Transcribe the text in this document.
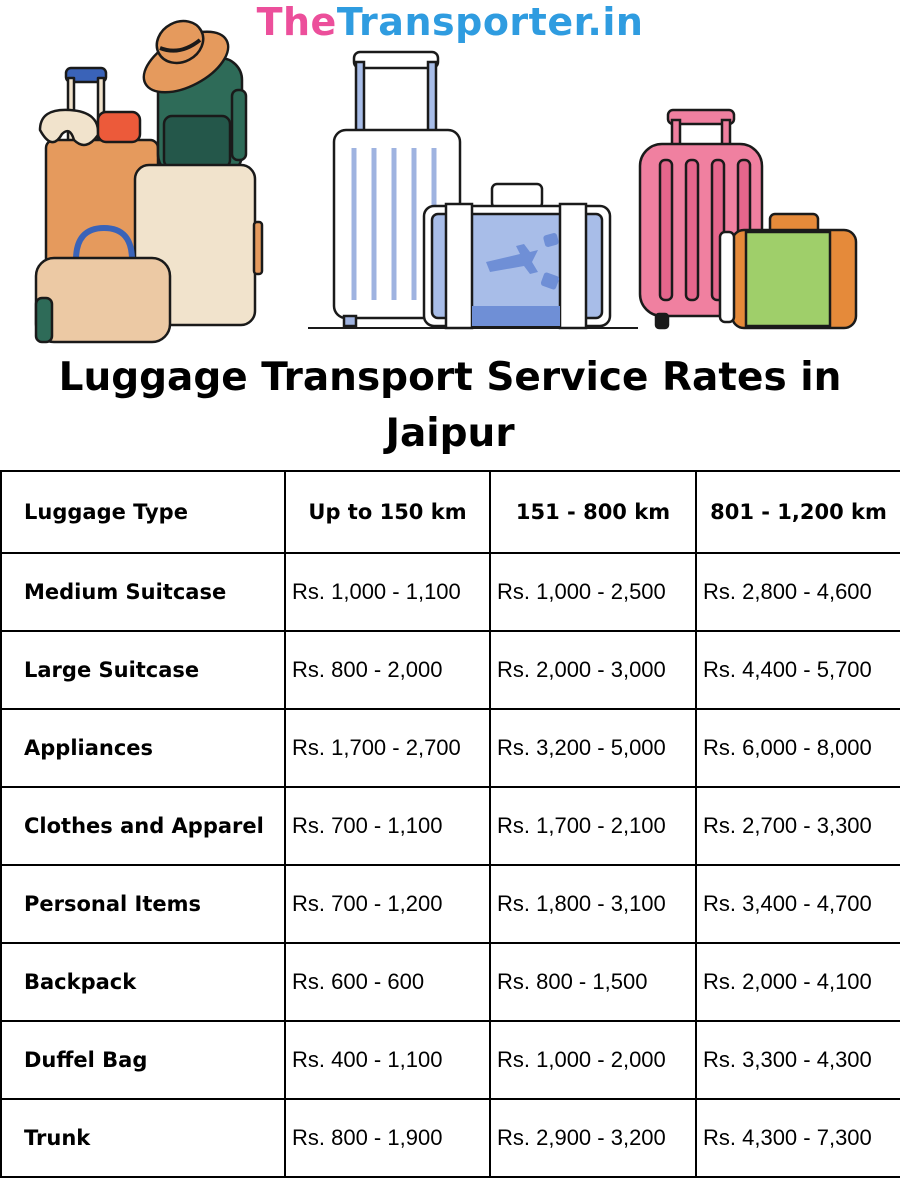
TheTransporter.in
Luggage Transport Service Rates in
Jaipur
Luggage Type	Up to 150 km	151 - 800 km	801 - 1,200 km
Medium Suitcase	Rs. 1,000 - 1,100	Rs. 1,000 - 2,500	Rs. 2,800 - 4,600
Large Suitcase	Rs. 800 - 2,000	Rs. 2,000 - 3,000	Rs. 4,400 - 5,700
Appliances	Rs. 1,700 - 2,700	Rs. 3,200 - 5,000	Rs. 6,000 - 8,000
Clothes and Apparel	Rs. 700 - 1,100	Rs. 1,700 - 2,100	Rs. 2,700 - 3,300
Personal Items	Rs. 700 - 1,200	Rs. 1,800 - 3,100	Rs. 3,400 - 4,700
Backpack	Rs. 600 - 600	Rs. 800 - 1,500	Rs. 2,000 - 4,100
Duffel Bag	Rs. 400 - 1,100	Rs. 1,000 - 2,000	Rs. 3,300 - 4,300
Trunk	Rs. 800 - 1,900	Rs. 2,900 - 3,200	Rs. 4,300 - 7,300
